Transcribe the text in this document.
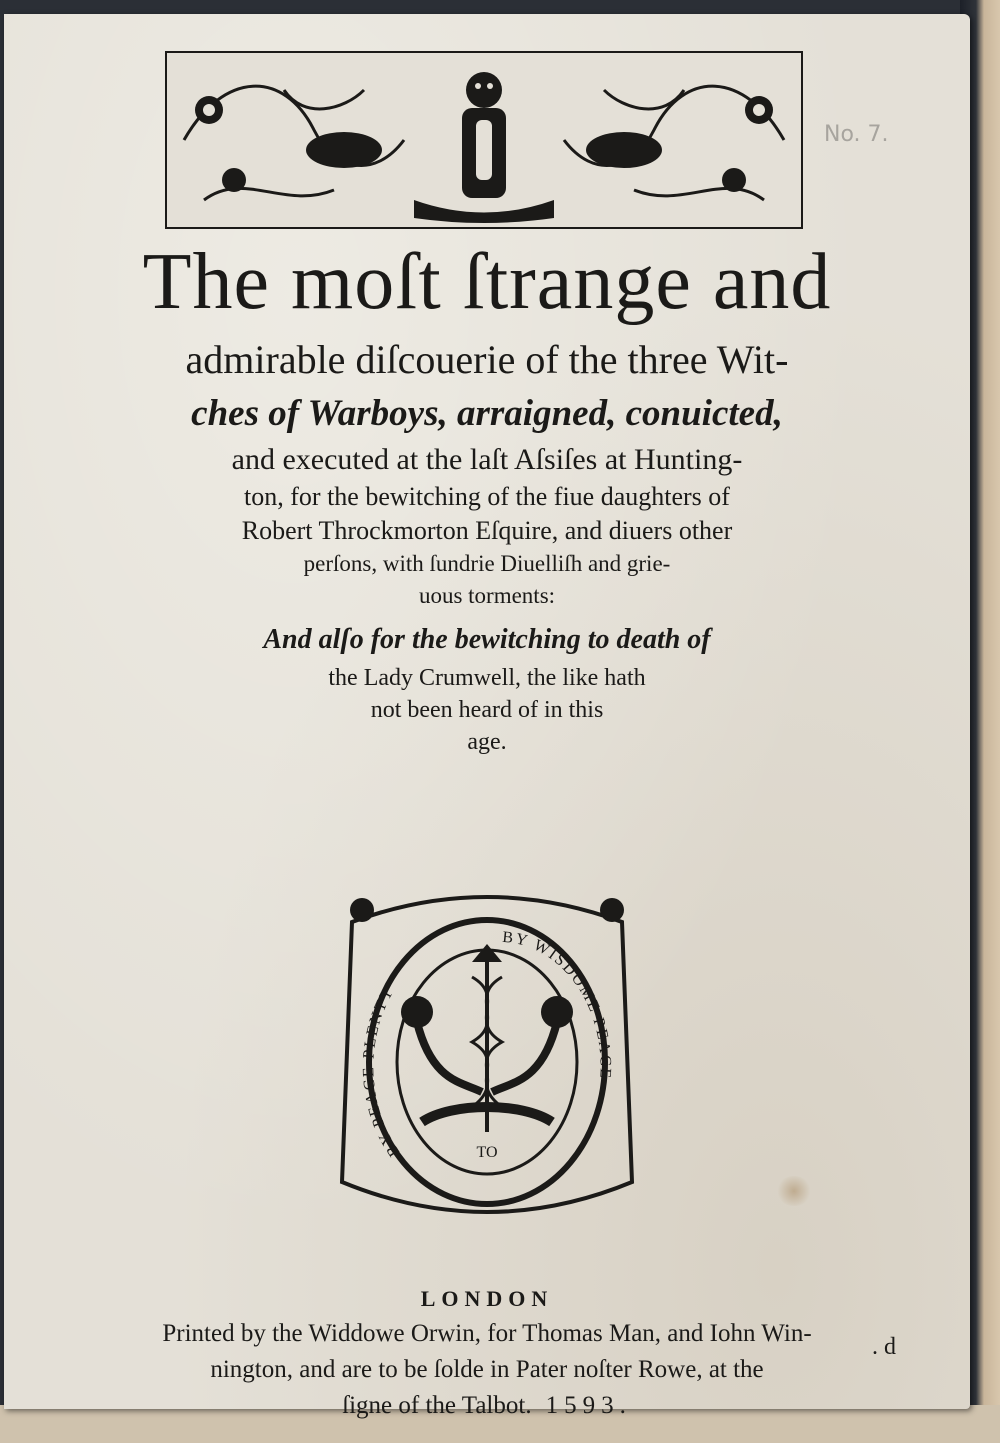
No. 7.
The moſt ſtrange and

admirable diſcouerie of the three Wit-

ches of Warboys, arraigned, conuicted,

and executed at the laſt Aſsiſes at Hunting-

ton, for the bewitching of the fiue daughters of

Robert Throckmorton Eſquire, and diuers other

perſons, with ſundrie Diuelliſh and grie-

uous torments:

And alſo for the bewitching to death of

the Lady Crumwell, the like hath

not been heard of in this

age.

BY PEACE PLENTY
BY WISDOME PEACE
TO
LONDON
Printed by the Widdowe Orwin, for Thomas Man, and Iohn Win-
nington, and are to be ſolde in Pater noſter Rowe, at the
ſigne of the Talbot. 1593.
. d
